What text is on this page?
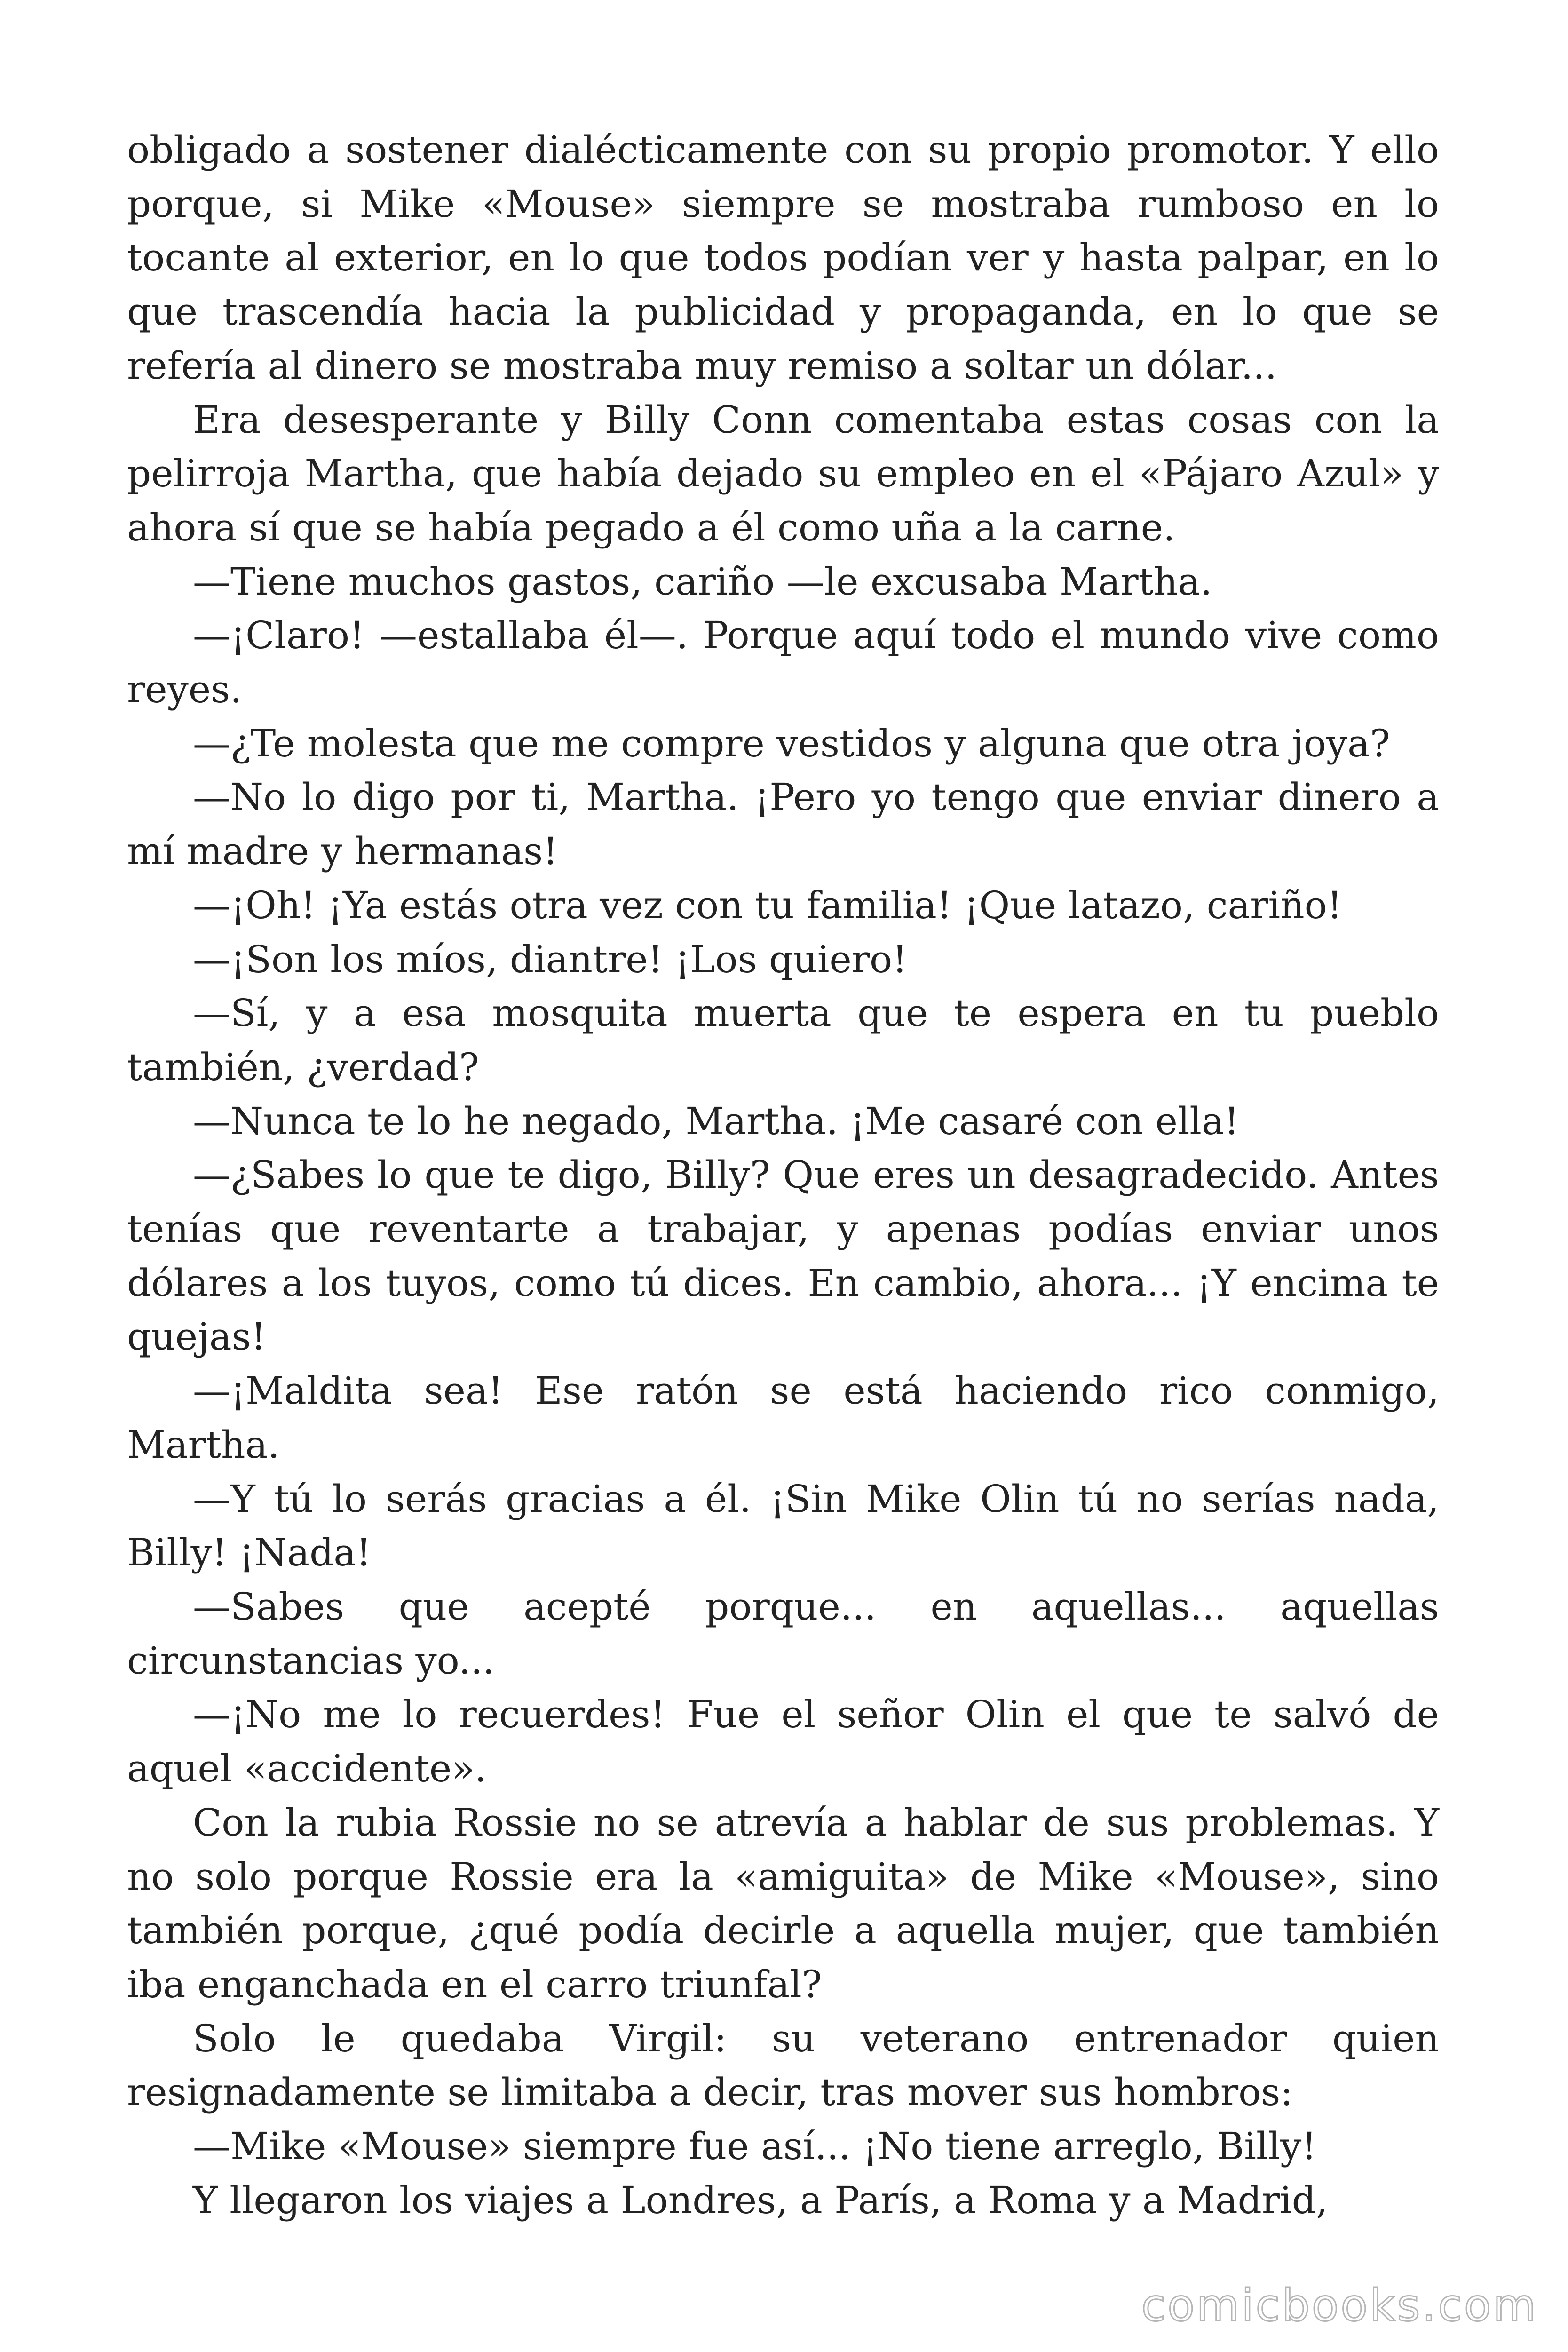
obligado a sostener dialécticamente con su propio promotor. Y ello porque, si Mike «Mouse» siempre se mostraba rumboso en lo tocante al exterior, en lo que todos podían ver y hasta palpar, en lo que trascendía hacia la publicidad y propaganda, en lo que se refería al dinero se mostraba muy remiso a soltar un dólar...

Era desesperante y Billy Conn comentaba estas cosas con la pelirroja Martha, que había dejado su empleo en el «Pájaro Azul» y ahora sí que se había pegado a él como uña a la carne.

—Tiene muchos gastos, cariño —le excusaba Martha.

—¡Claro! —estallaba él—. Porque aquí todo el mundo vive como reyes.

—¿Te molesta que me compre vestidos y alguna que otra joya?

—No lo digo por ti, Martha. ¡Pero yo tengo que enviar dinero a mí madre y hermanas!

—¡Oh! ¡Ya estás otra vez con tu familia! ¡Que latazo, cariño!

—¡Son los míos, diantre! ¡Los quiero!

—Sí, y a esa mosquita muerta que te espera en tu pueblo también, ¿verdad?

—Nunca te lo he negado, Martha. ¡Me casaré con ella!

—¿Sabes lo que te digo, Billy? Que eres un desagradecido. Antes tenías que reventarte a trabajar, y apenas podías enviar unos dólares a los tuyos, como tú dices. En cambio, ahora... ¡Y encima te quejas!

—¡Maldita sea! Ese ratón se está haciendo rico conmigo, Martha.

—Y tú lo serás gracias a él. ¡Sin Mike Olin tú no serías nada, Billy! ¡Nada!

—Sabes que acepté porque... en aquellas... aquellas circunstancias yo...

—¡No me lo recuerdes! Fue el señor Olin el que te salvó de aquel «accidente».

Con la rubia Rossie no se atrevía a hablar de sus problemas. Y no solo porque Rossie era la «amiguita» de Mike «Mouse», sino también porque, ¿qué podía decirle a aquella mujer, que también iba enganchada en el carro triunfal?

Solo le quedaba Virgil: su veterano entrenador quien resignadamente se limitaba a decir, tras mover sus hombros:

—Mike «Mouse» siempre fue así... ¡No tiene arreglo, Billy!

Y llegaron los viajes a Londres, a París, a Roma y a Madrid,

comicbooks.com
